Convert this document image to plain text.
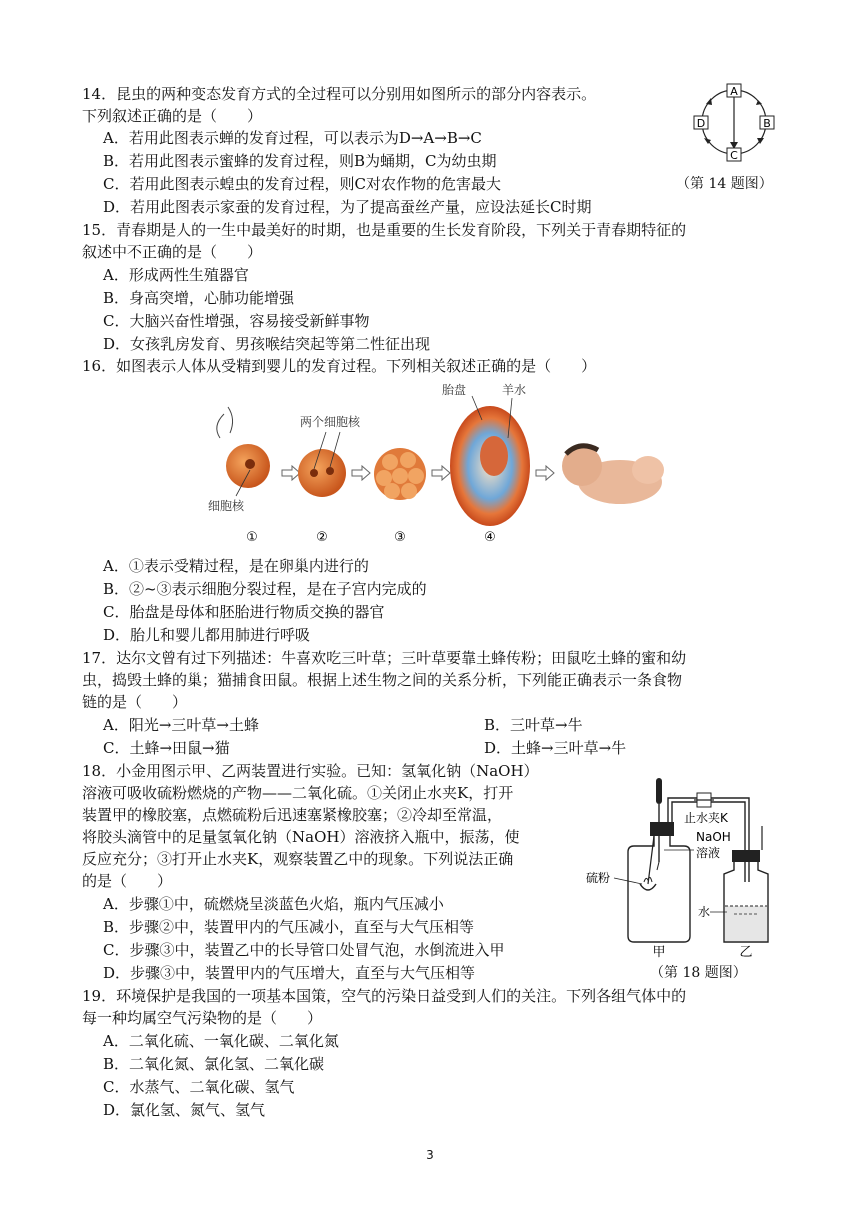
14．昆虫的两种变态发育方式的全过程可以分别用如图所示的部分内容表示。
下列叙述正确的是（　　）
A．若用此图表示蝉的发育过程，可以表示为D→A→B→C
B．若用此图表示蜜蜂的发育过程，则B为蛹期，C为幼虫期
C．若用此图表示蝗虫的发育过程，则C对农作物的危害最大
D．若用此图表示家蚕的发育过程，为了提高蚕丝产量，应设法延长C时期
（第 14 题图）
A
B
C
D
15．青春期是人的一生中最美好的时期，也是重要的生长发育阶段，下列关于青春期特征的
叙述中不正确的是（　　）
A．形成两性生殖器官
B．身高突增，心肺功能增强
C．大脑兴奋性增强，容易接受新鲜事物
D．女孩乳房发育、男孩喉结突起等第二性征出现
16．如图表示人体从受精到婴儿的发育过程。下列相关叙述正确的是（　　）
细胞核
①
两个细胞核
②	③
胎盘	羊水
④
A．①表示受精过程，是在卵巢内进行的
B．②~③表示细胞分裂过程，是在子宫内完成的
C．胎盘是母体和胚胎进行物质交换的器官
D．胎儿和婴儿都用肺进行呼吸
17．达尔文曾有过下列描述：牛喜欢吃三叶草；三叶草要靠土蜂传粉；田鼠吃土蜂的蜜和幼
虫，捣毁土蜂的巢；猫捕食田鼠。根据上述生物之间的关系分析，下列能正确表示一条食物
链的是（　　）
A．阳光→三叶草→土蜂	B．三叶草→牛
C．土蜂→田鼠→猫	D．土蜂→三叶草→牛
18．小金用图示甲、乙两装置进行实验。已知：氢氧化钠（NaOH）
溶液可吸收硫粉燃烧的产物——二氧化硫。①关闭止水夹K，打开
装置甲的橡胶塞，点燃硫粉后迅速塞紧橡胶塞；②冷却至常温，
将胶头滴管中的足量氢氧化钠（NaOH）溶液挤入瓶中，振荡，使
反应充分；③打开止水夹K，观察装置乙中的现象。下列说法正确
的是（　　）
A．步骤①中，硫燃烧呈淡蓝色火焰，瓶内气压减小
B．步骤②中，装置甲内的气压减小，直至与大气压相等
C．步骤③中，装置乙中的长导管口处冒气泡，水倒流进入甲
D．步骤③中，装置甲内的气压增大，直至与大气压相等	（第 18 题图）
止水夹K
NaOH
溶液
硫粉
水
甲	乙
19．环境保护是我国的一项基本国策，空气的污染日益受到人们的关注。下列各组气体中的
每一种均属空气污染物的是（　　）
A．二氧化硫、一氧化碳、二氧化氮
B．二氧化氮、氯化氢、二氧化碳
C．水蒸气、二氧化碳、氢气
D．氯化氢、氮气、氢气
3
